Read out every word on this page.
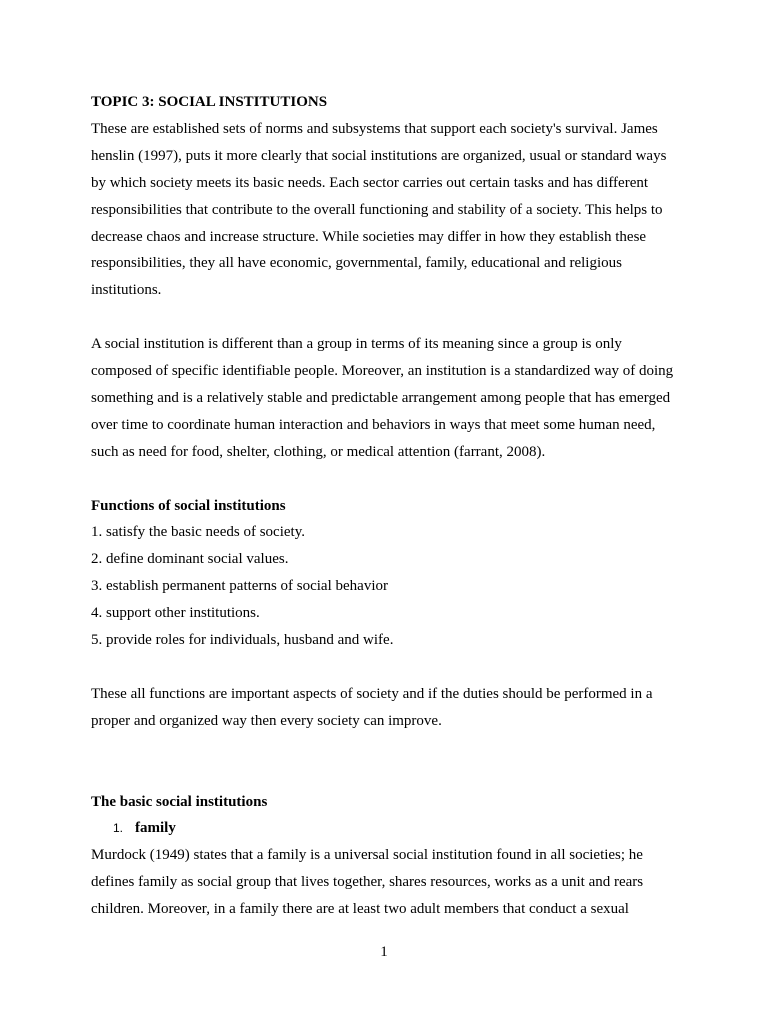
TOPIC 3: SOCIAL INSTITUTIONS

These are established sets of norms and subsystems that support each society's survival. James

henslin (1997), puts it more clearly that social institutions are organized, usual or standard ways

by which society meets its basic needs. Each sector carries out certain tasks and has different

responsibilities that contribute to the overall functioning and stability of a society. This helps to

decrease chaos and increase structure. While societies may differ in how they establish these

responsibilities, they all have economic, governmental, family, educational and religious

institutions.

A social institution is different than a group in terms of its meaning since a group is only

composed of specific identifiable people. Moreover, an institution is a standardized way of doing

something and is a relatively stable and predictable arrangement among people that has emerged

over time to coordinate human interaction and behaviors in ways that meet some human need,

such as need for food, shelter, clothing, or medical attention (farrant, 2008).

Functions of social institutions

1. satisfy the basic needs of society.

2. define dominant social values.

3. establish permanent patterns of social behavior

4. support other institutions.

5. provide roles for individuals, husband and wife.

These all functions are important aspects of society and if the duties should be performed in a

proper and organized way then every society can improve.

The basic social institutions

1. family

Murdock (1949) states that a family is a universal social institution found in all societies; he

defines family as social group that lives together, shares resources, works as a unit and rears

children. Moreover, in a family there are at least two adult members that conduct a sexual

1
